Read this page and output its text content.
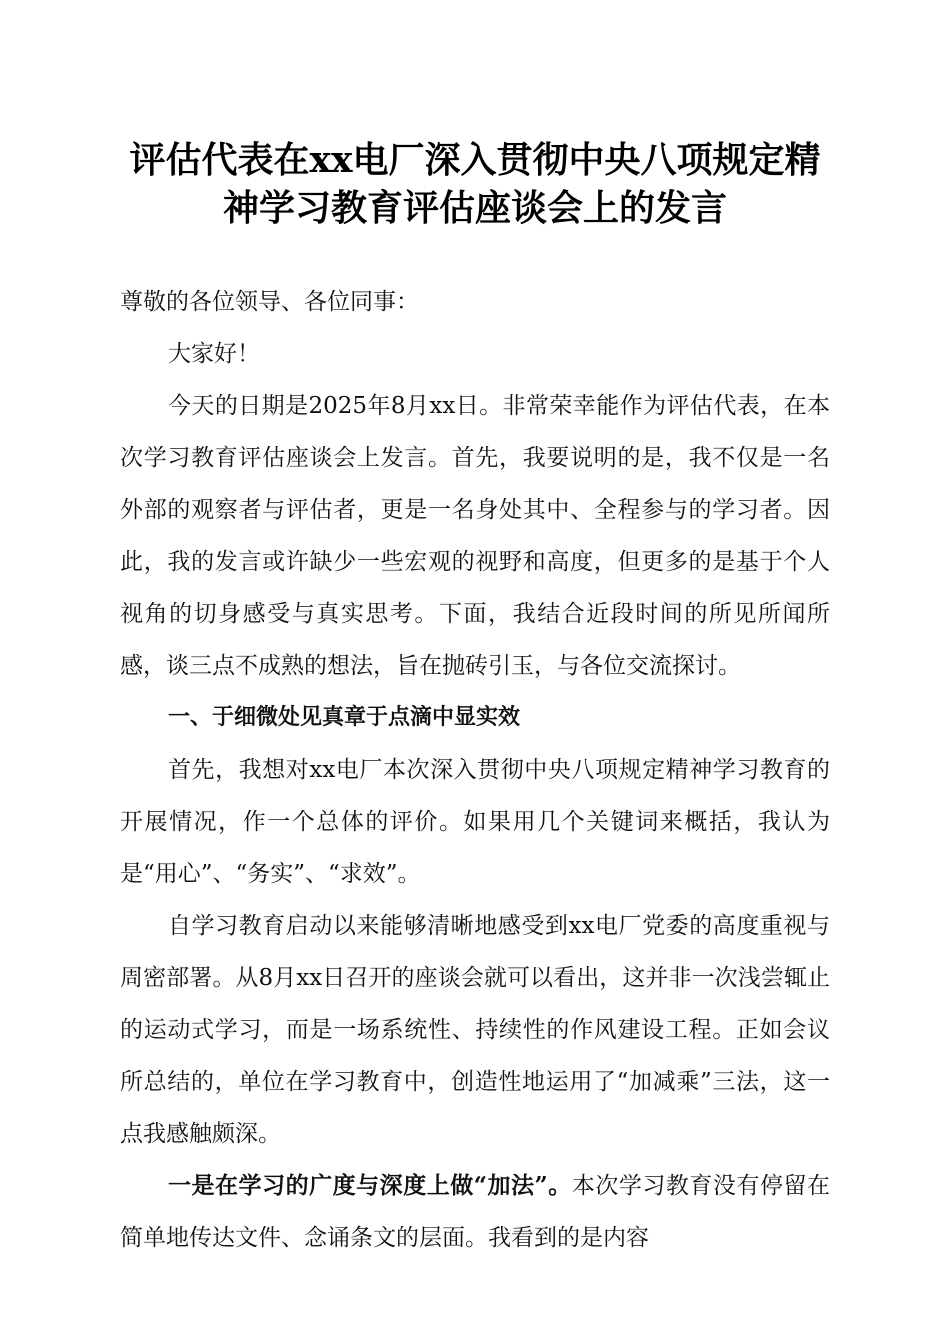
评估代表在xx电厂深入贯彻中央八项规定精
神学习教育评估座谈会上的发言

尊敬的各位领导、各位同事：

大家好！

今天的日期是2025年8月xx日。非常荣幸能作为评估代表，在本次学习教育评估座谈会上发言。首先，我要说明的是，我不仅是一名外部的观察者与评估者，更是一名身处其中、全程参与的学习者。因此，我的发言或许缺少一些宏观的视野和高度，但更多的是基于个人视角的切身感受与真实思考。下面，我结合近段时间的所见所闻所感，谈三点不成熟的想法，旨在抛砖引玉，与各位交流探讨。

一、于细微处见真章于点滴中显实效

首先，我想对xx电厂本次深入贯彻中央八项规定精神学习教育的开展情况，作一个总体的评价。如果用几个关键词来概括，我认为是“用心”、“务实”、“求效”。

自学习教育启动以来能够清晰地感受到xx电厂党委的高度重视与周密部署。从8月xx日召开的座谈会就可以看出，这并非一次浅尝辄止的运动式学习，而是一场系统性、持续性的作风建设工程。正如会议所总结的，单位在学习教育中，创造性地运用了“加减乘”三法，这一点我感触颇深。

一是在学习的广度与深度上做“加法”。本次学习教育没有停留在简单地传达文件、念诵条文的层面。我看到的是内容
